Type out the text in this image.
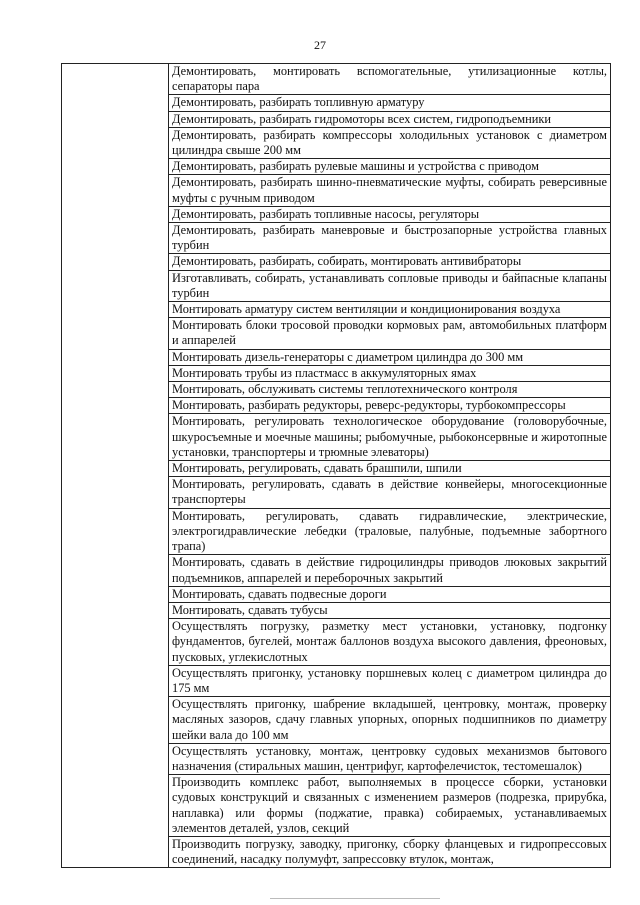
27
	Демонтировать, монтировать вспомогательные, утилизационные котлы, сепараторы пара
Демонтировать, разбирать топливную арматуру
Демонтировать, разбирать гидромоторы всех систем, гидроподъемники
Демонтировать, разбирать компрессоры холодильных установок с диаметром цилиндра свыше 200 мм
Демонтировать, разбирать рулевые машины и устройства с приводом
Демонтировать, разбирать шинно-пневматические муфты, собирать реверсивные муфты с ручным приводом
Демонтировать, разбирать топливные насосы, регуляторы
Демонтировать, разбирать маневровые и быстрозапорные устройства главных турбин
Демонтировать, разбирать, собирать, монтировать антивибраторы
Изготавливать, собирать, устанавливать сопловые приводы и байпасные клапаны турбин
Монтировать арматуру систем вентиляции и кондиционирования воздуха
Монтировать блоки тросовой проводки кормовых рам, автомобильных платформ и аппарелей
Монтировать дизель-генераторы с диаметром цилиндра до 300 мм
Монтировать трубы из пластмасс в аккумуляторных ямах
Монтировать, обслуживать системы теплотехнического контроля
Монтировать, разбирать редукторы, реверс-редукторы, турбокомпрессоры
Монтировать, регулировать технологическое оборудование (головорубочные, шкуросъемные и моечные машины; рыбомучные, рыбоконсервные и жиротопные установки, транспортеры и трюмные элеваторы)
Монтировать, регулировать, сдавать брашпили, шпили
Монтировать, регулировать, сдавать в действие конвейеры, многосекционные транспортеры
Монтировать, регулировать, сдавать гидравлические, электрические, электрогидравлические лебедки (траловые, палубные, подъемные забортного трапа)
Монтировать, сдавать в действие гидроцилиндры приводов люковых закрытий подъемников, аппарелей и переборочных закрытий
Монтировать, сдавать подвесные дороги
Монтировать, сдавать тубусы
Осуществлять погрузку, разметку мест установки, установку, подгонку фундаментов, бугелей, монтаж баллонов воздуха высокого давления, фреоновых, пусковых, углекислотных
Осуществлять пригонку, установку поршневых колец с диаметром цилиндра до 175 мм
Осуществлять пригонку, шабрение вкладышей, центровку, монтаж, проверку масляных зазоров, сдачу главных упорных, опорных подшипников по диаметру шейки вала до 100 мм
Осуществлять установку, монтаж, центровку судовых механизмов бытового назначения (стиральных машин, центрифуг, картофелечисток, тестомешалок)
Производить комплекс работ, выполняемых в процессе сборки, установки судовых конструкций и связанных с изменением размеров (подрезка, прирубка, наплавка) или формы (поджатие, правка) собираемых, устанавливаемых элементов деталей, узлов, секций
Производить погрузку, заводку, пригонку, сборку фланцевых и гидропрессовых соединений, насадку полумуфт, запрессовку втулок, монтаж,
